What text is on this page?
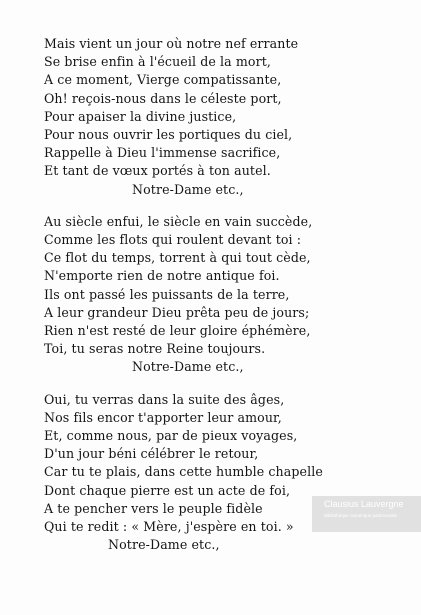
Mais vient un jour où notre nef errante
Se brise enfin à l'écueil de la mort,
A ce moment, Vierge compatissante,
Oh! reçois-nous dans le céleste port,
Pour apaiser la divine justice,
Pour nous ouvrir les portiques du ciel,
Rappelle à Dieu l'immense sacrifice,
Et tant de vœux portés à ton autel.
Notre-Dame etc.,
Au siècle enfui, le siècle en vain succède,
Comme les flots qui roulent devant toi :
Ce flot du temps, torrent à qui tout cède,
N'emporte rien de notre antique foi.
Ils ont passé les puissants de la terre,
A leur grandeur Dieu prêta peu de jours;
Rien n'est resté de leur gloire éphémère,
Toi, tu seras notre Reine toujours.
Notre-Dame etc.,
Oui, tu verras dans la suite des âges,
Nos fils encor t'apporter leur amour,
Et, comme nous, par de pieux voyages,
D'un jour béni célébrer le retour,
Car tu te plais, dans cette humble chapelle
Dont chaque pierre est un acte de foi,
A te pencher vers le peuple fidèle
Qui te redit : « Mère, j'espère en toi. »
Notre-Dame etc.,
Clausius Lauvergne
Bibliothèque numérique patrimoniale
